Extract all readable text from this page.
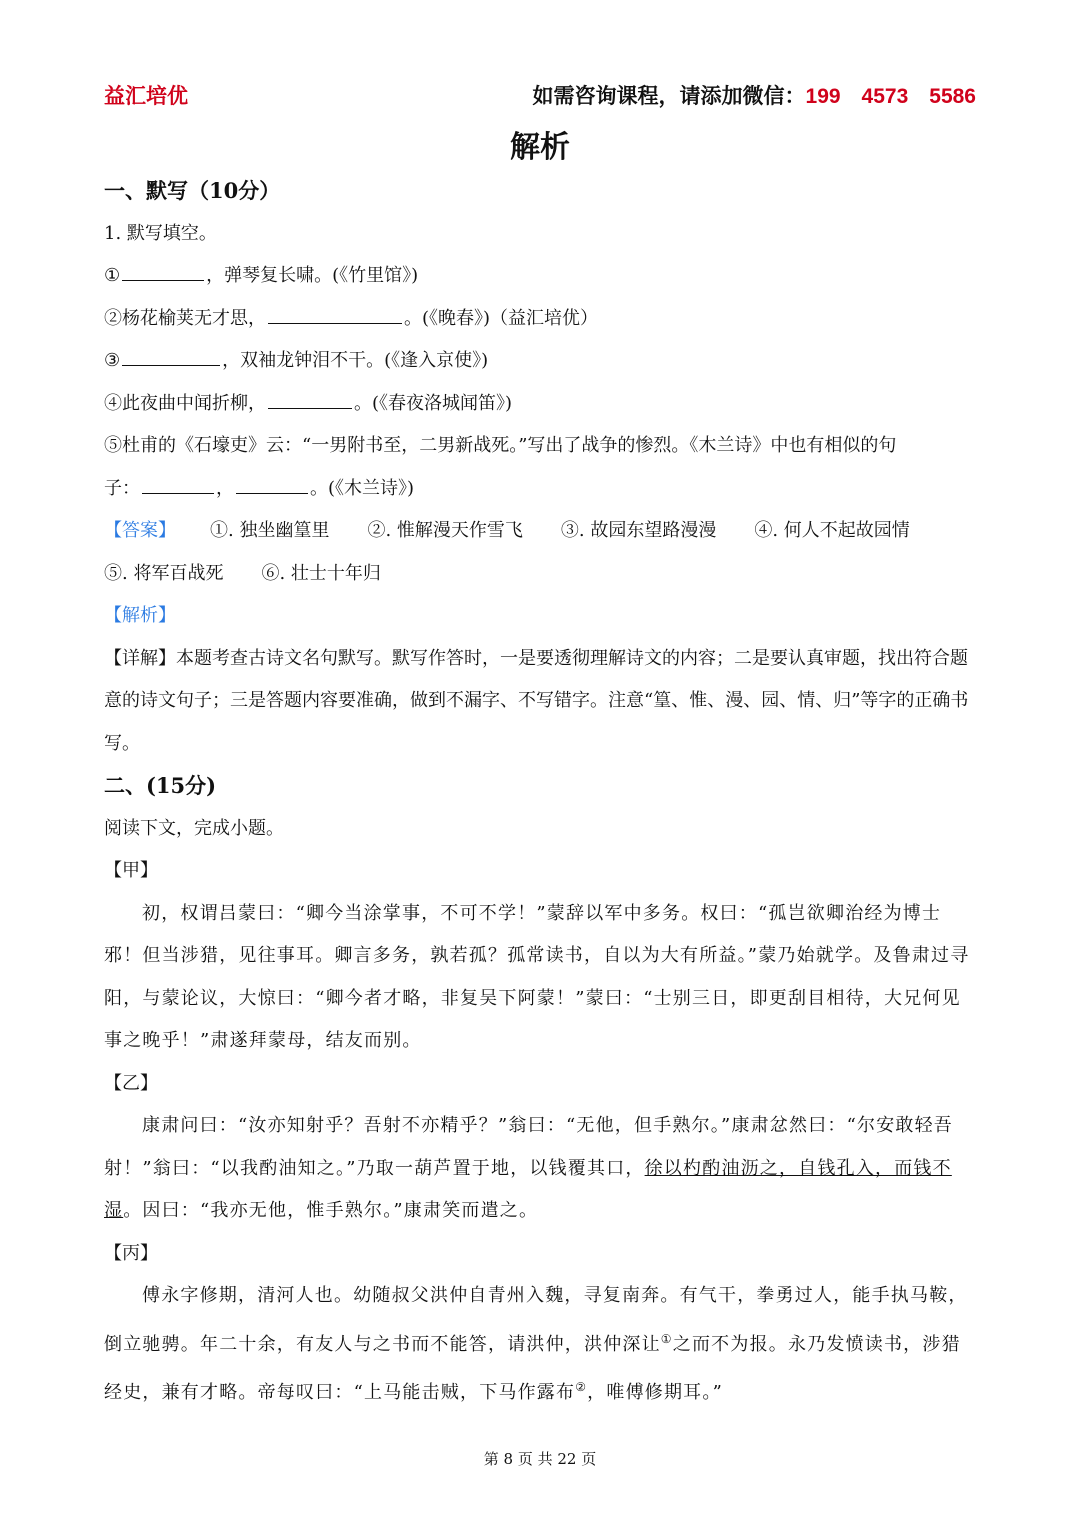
益汇培优	如需咨询课程，请添加微信：199　4573　5586
解析
一、默写（10分）
1. 默写填空。
①	，弹琴复长啸。(《竹里馆》)
②杨花榆荚无才思，	。(《晚春》)（益汇培优）
③	，双袖龙钟泪不干。(《逢入京使》)
④此夜曲中闻折柳，	。(《春夜洛城闻笛》)
⑤杜甫的《石壕吏》云：“一男附书至，二男新战死。”写出了战争的惨烈。《木兰诗》中也有相似的句
子：	，	。(《木兰诗》)
【答案】 ①. 独坐幽篁里 ②. 惟解漫天作雪飞 ③. 故园东望路漫漫 ④. 何人不起故园情
⑤. 将军百战死 ⑥. 壮士十年归
【解析】
【详解】本题考查古诗文名句默写。默写作答时，一是要透彻理解诗文的内容；二是要认真审题，找出符合题意的诗文句子；三是答题内容要准确，做到不漏字、不写错字。注意“篁、惟、漫、园、情、归”等字的正确书写。
二、(15分)
阅读下文，完成小题。
【甲】
初，权谓吕蒙曰：“卿今当涂掌事，不可不学！”蒙辞以军中多务。权曰：“孤岂欲卿治经为博士邪！但当涉猎，见往事耳。卿言多务，孰若孤？孤常读书，自以为大有所益。”蒙乃始就学。及鲁肃过寻阳，与蒙论议，大惊曰：“卿今者才略，非复吴下阿蒙！”蒙曰：“士别三日，即更刮目相待，大兄何见事之晚乎！”肃遂拜蒙母，结友而别。
【乙】
康肃问曰：“汝亦知射乎？吾射不亦精乎？”翁曰：“无他，但手熟尔。”康肃忿然曰：“尔安敢轻吾射！”翁曰：“以我酌油知之。”乃取一葫芦置于地，以钱覆其口，徐以杓酌油沥之，自钱孔入，而钱不湿。因曰：“我亦无他，惟手熟尔。”康肃笑而遣之。
【丙】
傅永字修期，清河人也。幼随叔父洪仲自青州入魏，寻复南奔。有气干，拳勇过人，能手执马鞍，倒立驰骋。年二十余，有友人与之书而不能答，请洪仲，洪仲深让①之而不为报。永乃发愤读书，涉猎经史，兼有才略。帝每叹曰：“上马能击贼，下马作露布②，唯傅修期耳。”
第 8 页 共 22 页
